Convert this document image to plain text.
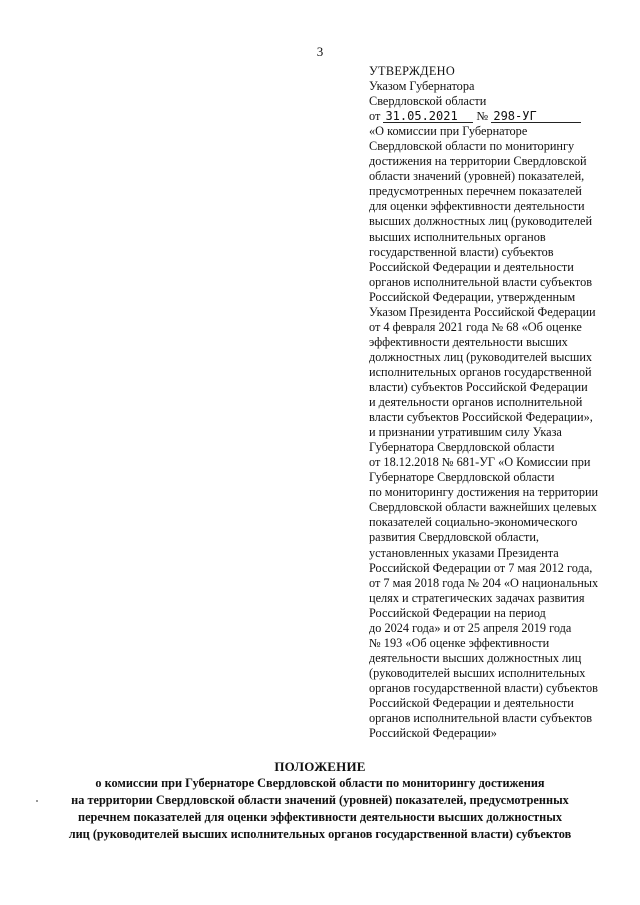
3
УТВЕРЖДЕНО
Указом Губернатора
Свердловской области
от 31.05.2021 № 298-УГ
«О комиссии при Губернаторе
Свердловской области по мониторингу
достижения на территории Свердловской
области значений (уровней) показателей,
предусмотренных перечнем показателей
для оценки эффективности деятельности
высших должностных лиц (руководителей
высших исполнительных органов
государственной власти) субъектов
Российской Федерации и деятельности
органов исполнительной власти субъектов
Российской Федерации, утвержденным
Указом Президента Российской Федерации
от 4 февраля 2021 года № 68 «Об оценке
эффективности деятельности высших
должностных лиц (руководителей высших
исполнительных органов государственной
власти) субъектов Российской Федерации
и деятельности органов исполнительной
власти субъектов Российской Федерации»,
и признании утратившим силу Указа
Губернатора Свердловской области
от 18.12.2018 № 681-УГ «О Комиссии при
Губернаторе Свердловской области
по мониторингу достижения на территории
Свердловской области важнейших целевых
показателей социально-экономического
развития Свердловской области,
установленных указами Президента
Российской Федерации от 7 мая 2012 года,
от 7 мая 2018 года № 204 «О национальных
целях и стратегических задачах развития
Российской Федерации на период
до 2024 года» и от 25 апреля 2019 года
№ 193 «Об оценке эффективности
деятельности высших должностных лиц
(руководителей высших исполнительных
органов государственной власти) субъектов
Российской Федерации и деятельности
органов исполнительной власти субъектов
Российской Федерации»
ПОЛОЖЕНИЕ
о комиссии при Губернаторе Свердловской области по мониторингу достижения
на территории Свердловской области значений (уровней) показателей, предусмотренных
перечнем показателей для оценки эффективности деятельности высших должностных
лиц (руководителей высших исполнительных органов государственной власти) субъектов
